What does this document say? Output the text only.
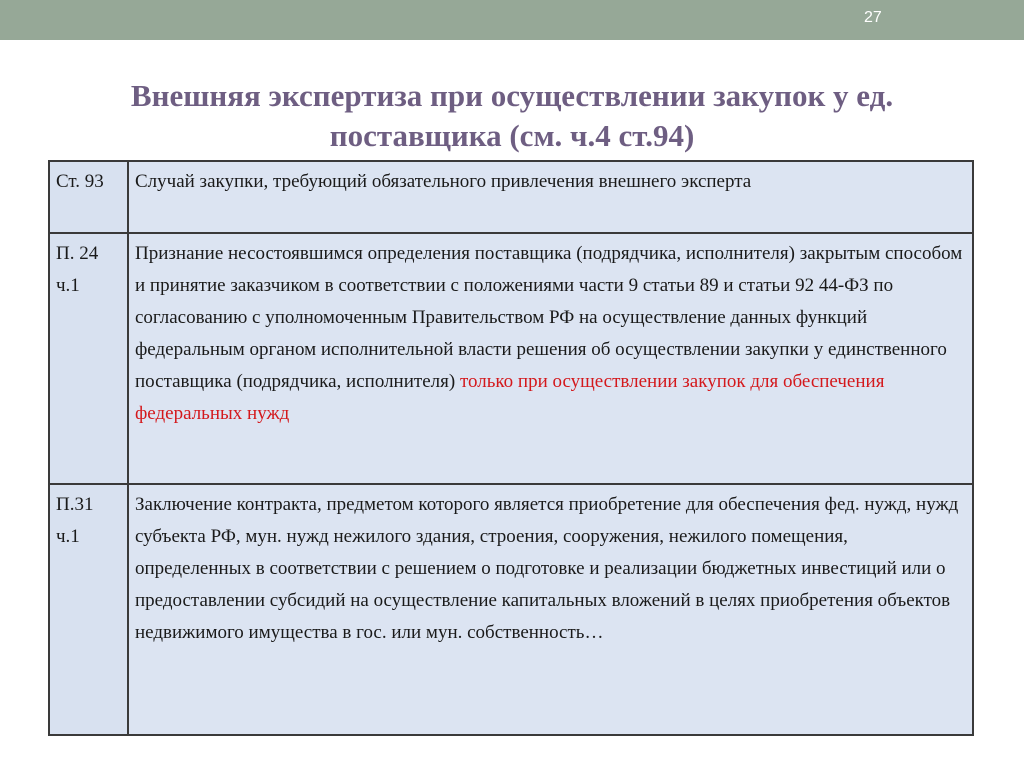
27
Внешняя экспертиза при осуществлении закупок у ед.
поставщика (см. ч.4 ст.94)
Ст. 93	Случай закупки, требующий обязательного привлечения внешнего эксперта

П. 24
ч.1	Признание несостоявшимся определения поставщика (подрядчика, исполнителя) закрытым способом и принятие заказчиком в соответствии с положениями части 9 статьи 89 и статьи 92 44-ФЗ по согласованию с уполномоченным Правительством РФ на осуществление данных функций федеральным органом исполнительной власти решения об осуществлении закупки у единственного поставщика (подрядчика, исполнителя) только при осуществлении закупок для обеспечения федеральных нужд

П.31
ч.1	Заключение контракта, предметом которого является приобретение для обеспечения фед. нужд, нужд субъекта РФ, мун. нужд нежилого здания, строения, сооружения, нежилого помещения, определенных в соответствии с решением о подготовке и реализации бюджетных инвестиций или о предоставлении субсидий на осуществление капитальных вложений в целях приобретения объектов недвижимого имущества в гос. или мун. собственность…
